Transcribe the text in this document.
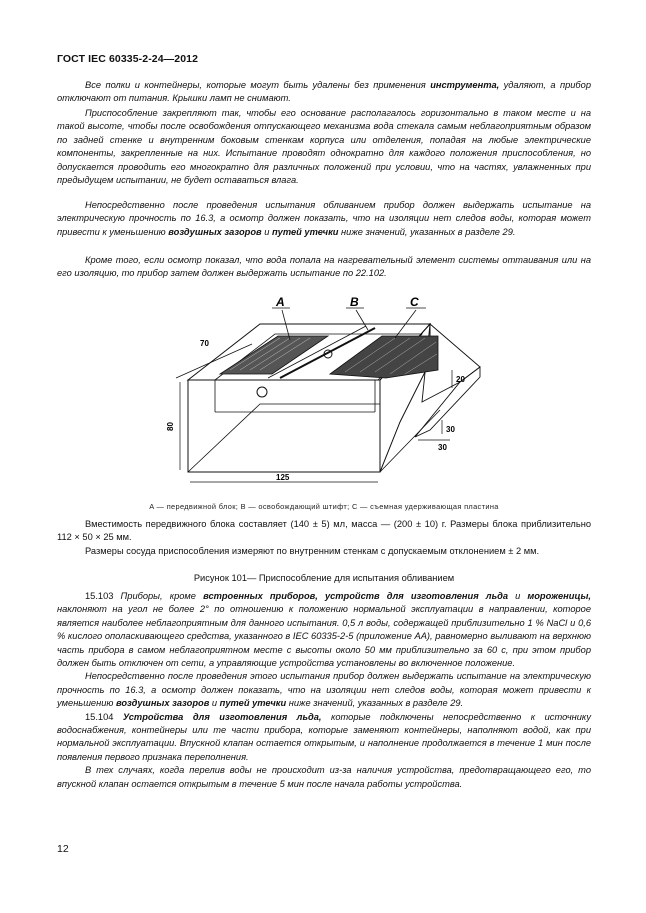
ГОСТ IEC 60335-2-24—2012

Все полки и контейнеры, которые могут быть удалены без применения инструмента, удаляют, а прибор отключают от питания. Крышки ламп не снимают.

Приспособление закрепляют так, чтобы его основание располагалось горизонтально в таком месте и на такой высоте, чтобы после освобождения отпускающего механизма вода стекала самым неблагоприятным образом по задней стенке и внутренним боковым стенкам корпуса или отделения, попадая на любые электрические компоненты, закрепленные на них. Испытание проводят однократно для каждого положения приспособления, но допускается проводить его многократно для различных положений при условии, что на частях, увлажненных при предыдущем испытании, не будет оставаться влага.

Непосредственно после проведения испытания обливанием прибор должен выдержать испытание на электрическую прочность по 16.3, а осмотр должен показать, что на изоляции нет следов воды, которая может привести к уменьшению воздушных зазоров и путей утечки ниже значений, указанных в разделе 29.

Кроме того, если осмотр показал, что вода попала на нагревательный элемент системы оттаивания или на его изоляцию, то прибор затем должен выдержать испытание по 22.102.

A	B	C
70
80
125
20
30
30
A — передвижной блок; B — освобождающий штифт; C — съемная удерживающая пластина

Вместимость передвижного блока составляет (140 ± 5) мл, масса — (200 ± 10) г. Размеры блока приблизительно 112 × 50 × 25 мм.

Размеры сосуда приспособления измеряют по внутренним стенкам с допускаемым отклонением ± 2 мм.

Рисунок 101— Приспособление для испытания обливанием

15.103 Приборы, кроме встроенных приборов, устройств для изготовления льда и мороженицы, наклоняют на угол не более 2° по отношению к положению нормальной эксплуатации в направлении, которое является наиболее неблагоприятным для данного испытания. 0,5 л воды, содержащей приблизительно 1 % NaCl и 0,6 % кислого ополаскивающего средства, указанного в IEC 60335-2-5 (приложение АА), равномерно выливают на верхнюю часть прибора в самом неблагоприятном месте с высоты около 50 мм приблизительно за 60 с, при этом прибор должен быть отключен от сети, а управляющие устройства установлены во включенное положение.

Непосредственно после проведения этого испытания прибор должен выдержать испытание на электрическую прочность по 16.3, а осмотр должен показать, что на изоляции нет следов воды, которая может привести к уменьшению воздушных зазоров и путей утечки ниже значений, указанных в разделе 29.

15.104 Устройства для изготовления льда, которые подключены непосредственно к источнику водоснабжения, контейнеры или те части прибора, которые заменяют контейнеры, наполняют водой, как при нормальной эксплуатации. Впускной клапан остается открытым, и наполнение продолжается в течение 1 мин после появления первого признака переполнения.

В тех случаях, когда перелив воды не происходит из-за наличия устройства, предотвращающего его, то впускной клапан остается открытым в течение 5 мин после начала работы устройства.

12
